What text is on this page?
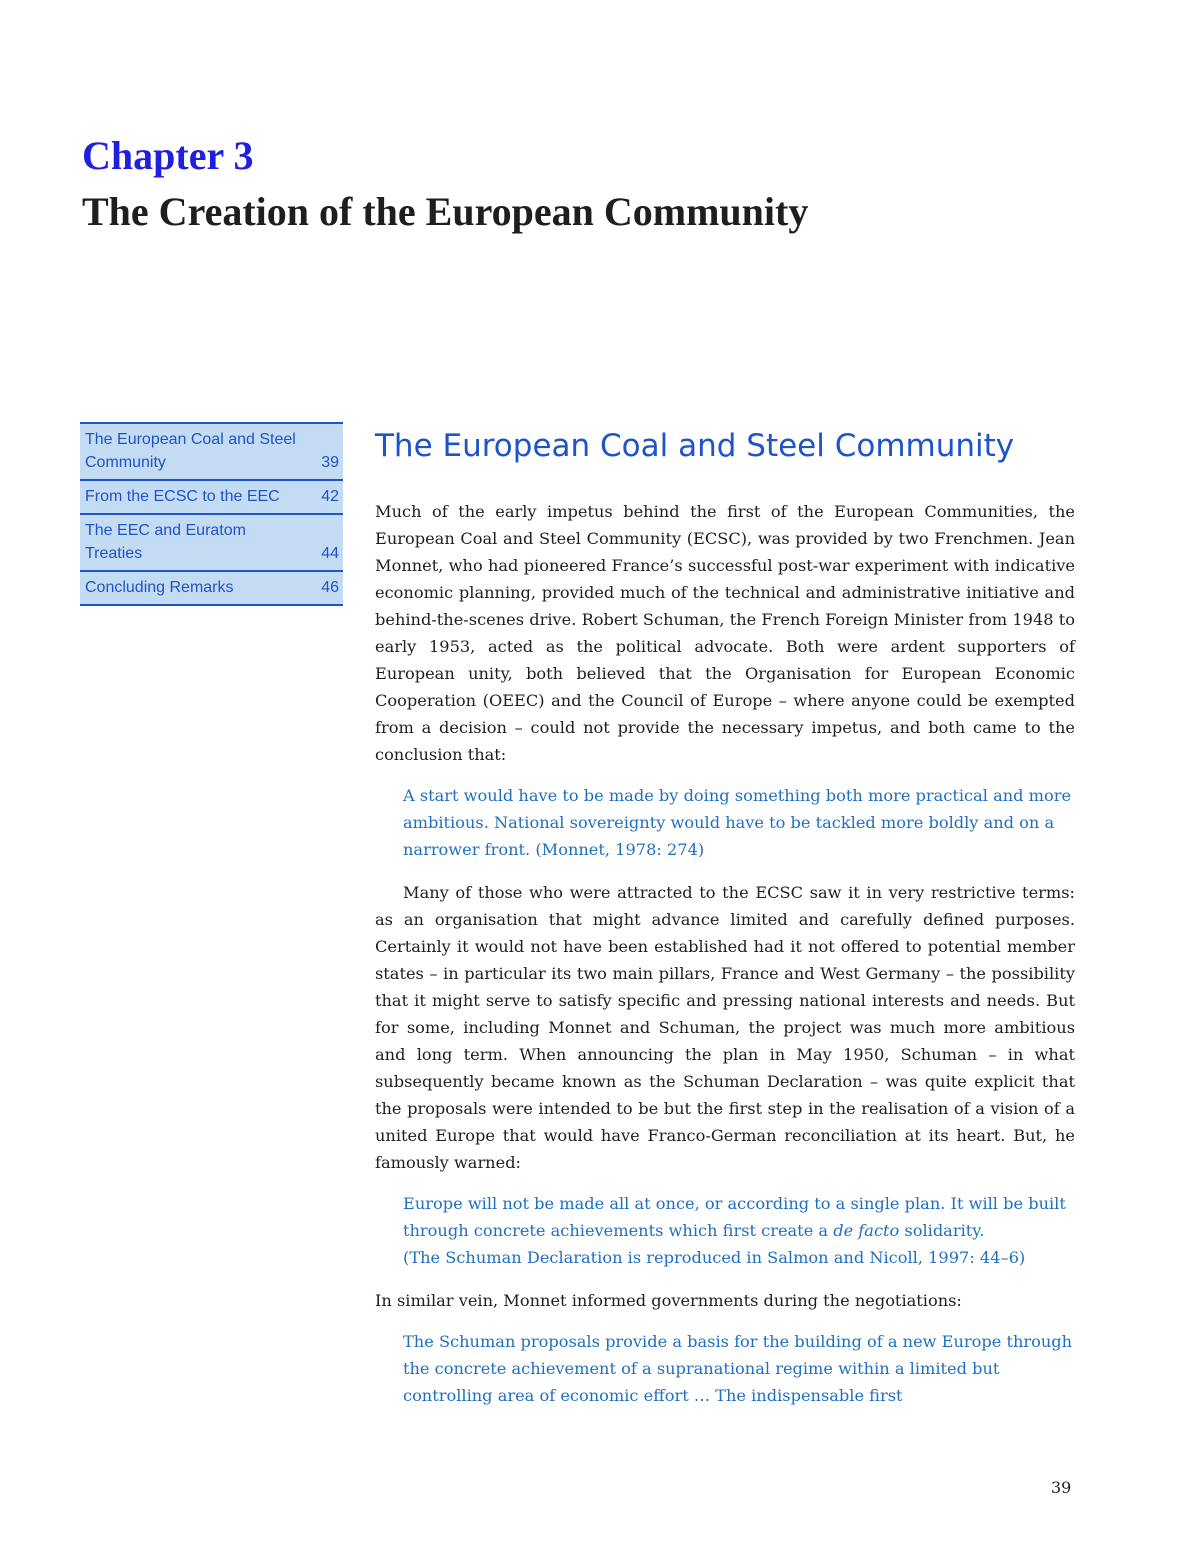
Chapter 3
The Creation of the European Community
The European Coal and Steel Community	39
From the ECSC to the EEC	42
The EEC and Euratom Treaties	44
Concluding Remarks	46
The European Coal and Steel Community

Much of the early impetus behind the first of the European Communities, the European Coal and Steel Community (ECSC), was provided by two Frenchmen. Jean Monnet, who had pioneered France’s successful post-war experiment with indicative economic planning, provided much of the technical and administrative initiative and behind-the-scenes drive. Robert Schuman, the French Foreign Minister from 1948 to early 1953, acted as the political advocate. Both were ardent supporters of European unity, both believed that the Organisation for European Economic Cooperation (OEEC) and the Council of Europe – where anyone could be exempted from a decision – could not provide the necessary impetus, and both came to the conclusion that:

A start would have to be made by doing something both more practical and more ambitious. National sovereignty would have to be tackled more boldly and on a narrower front. (Monnet, 1978: 274)

Many of those who were attracted to the ECSC saw it in very restrictive terms: as an organisation that might advance limited and carefully defined purposes. Certainly it would not have been established had it not offered to potential member states – in particular its two main pillars, France and West Germany – the possibility that it might serve to satisfy specific and pressing national interests and needs. But for some, including Monnet and Schuman, the project was much more ambitious and long term. When announcing the plan in May 1950, Schuman – in what subsequently became known as the Schuman Declaration – was quite explicit that the proposals were intended to be but the first step in the realisation of a vision of a united Europe that would have Franco-German reconciliation at its heart. But, he famously warned:

Europe will not be made all at once, or according to a single plan. It will be built through concrete achievements which first create a de facto solidarity.
(The Schuman Declaration is reproduced in Salmon and Nicoll, 1997: 44–6)

In similar vein, Monnet informed governments during the negotiations:

The Schuman proposals provide a basis for the building of a new Europe through the concrete achievement of a supranational regime within a limited but controlling area of economic effort … The indispensable first

39
